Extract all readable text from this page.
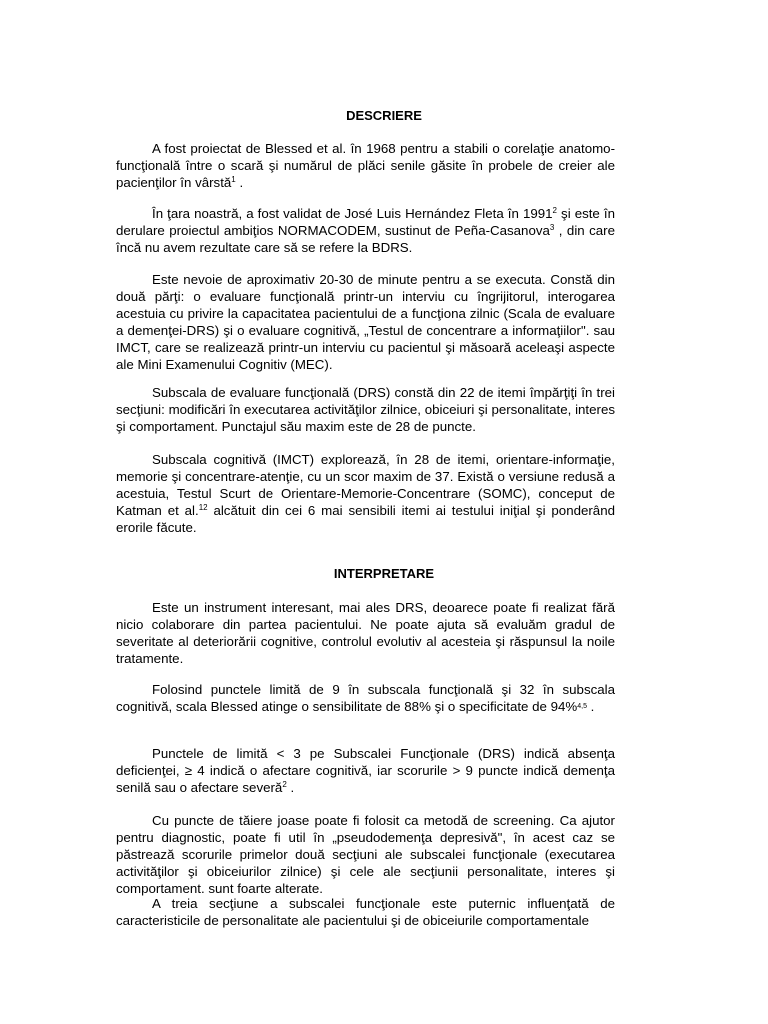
DESCRIERE

A fost proiectat de Blessed et al. în 1968 pentru a stabili o corelaţie anatomo-funcţională între o scară şi numărul de plăci senile găsite în probele de creier ale pacienţilor în vârstă$^1$ .

În ţara noastră, a fost validat de José Luis Hernández Fleta în 1991$^2$ şi este în derulare proiectul ambiţios NORMACODEM, sustinut de Peña-Casanova$^3$ , din care încă nu avem rezultate care să se refere la BDRS.

Este nevoie de aproximativ 20-30 de minute pentru a se executa. Constă din două părţi: o evaluare funcţională printr-un interviu cu îngrijitorul, interogarea acestuia cu privire la capacitatea pacientului de a funcţiona zilnic (Scala de evaluare a demenţei-DRS) şi o evaluare cognitivă, „Testul de concentrare a informaţiilor". sau IMCT, care se realizează printr-un interviu cu pacientul şi măsoară aceleaşi aspecte ale Mini Examenului Cognitiv (MEC).

Subscala de evaluare funcţională (DRS) constă din 22 de itemi împărţiţi în trei secţiuni: modificări în executarea activităţilor zilnice, obiceiuri şi personalitate, interes şi comportament. Punctajul său maxim este de 28 de puncte.

Subscala cognitivă (IMCT) explorează, în 28 de itemi, orientare-informaţie, memorie şi concentrare-atenţie, cu un scor maxim de 37. Există o versiune redusă a acestuia, Testul Scurt de Orientare-Memorie-Concentrare (SOMC), conceput de Katman et al.$^{12}$ alcătuit din cei 6 mai sensibili itemi ai testului iniţial şi ponderând erorile făcute.

INTERPRETARE

Este un instrument interesant, mai ales DRS, deoarece poate fi realizat fără nicio colaborare din partea pacientului. Ne poate ajuta să evaluăm gradul de severitate al deteriorării cognitive, controlul evolutiv al acesteia şi răspunsul la noile tratamente.

Folosind punctele limită de 9 în subscala funcţională şi 32 în subscala cognitivă, scala Blessed atinge o sensibilitate de 88% şi o specificitate de 94%$^{4,5}$ .

Punctele de limită < 3 pe Subscalei Funcţionale (DRS) indică absenţa deficienţei, ≥ 4 indică o afectare cognitivă, iar scorurile > 9 puncte indică demenţa senilă sau o afectare severă$^2$ .

Cu puncte de tăiere joase poate fi folosit ca metodă de screening. Ca ajutor pentru diagnostic, poate fi util în „pseudodemenţa depresivă", în acest caz se păstrează scorurile primelor două secţiuni ale subscalei funcţionale (executarea activităţilor şi obiceiurilor zilnice) şi cele ale secţiunii personalitate, interes şi comportament. sunt foarte alterate.

A treia secţiune a subscalei funcţionale este puternic influenţată de caracteristicile de personalitate ale pacientului şi de obiceiurile comportamentale
